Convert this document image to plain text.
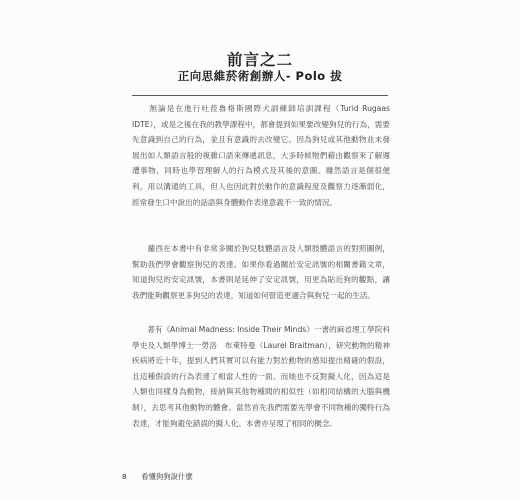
前言之二
正向思維菸術創辦人- Polo 拔
　　無論是在進行吐菈魯格斯國際犬訓練師培訓課程（Turid Rugaas IDTE），或是之後在我的教學課程中，都會提到如果要改變狗兒的行為，需要先意識到自己的行為，並且有意識的去改變它。因為狗兒或其他動物並未發展出如人類語言般的複雜口語來傳遞訊息，大多時候牠們藉由觀察來了解週遭事物，同時也學習理解人的行為模式及其後的意圖。雖然語言是個很便利，用以溝通的工具，但人也因此對於動作的意識程度及觀察力逐漸弱化，經常發生口中說出的話語與身體動作表達意義不一致的情況。
　　蘿西在本書中有非常多關於狗兒肢體語言及人類肢體語言的對照圖例，幫助我們學會觀察狗兒的表達。如果你看過關於安定訊號的相關書籍文章，知道狗兒的安定訊號，本書則是延伸了安定訊號，用更為貼近狗的觀點，讓我們能夠觀察更多狗兒的表達，知道如何營造更適合與狗兒一起的生活。
　　著有《Animal Madness: Inside Their Minds》一書的麻省理工學院科學史及人類學博士一勞洛　布萊特曼（Laurel Braitman），研究動物的精神疾病將近十年，提到人們其實可以有能力對於動物的感知提出精確的假設，且這種假設的行為表達了相當人性的一面。而她也不反對擬人化，因為這是人類也同樣身為動物，接納與其他物種間的相似性（如相同結構的大腦與機制），去思考其他動物的體會。當然首先我們需要先學會不同物種的獨特行為表達，才能夠避免錯誤的擬人化。本書亦呈現了相同的概念。
8 看懂狗狗說什麼
